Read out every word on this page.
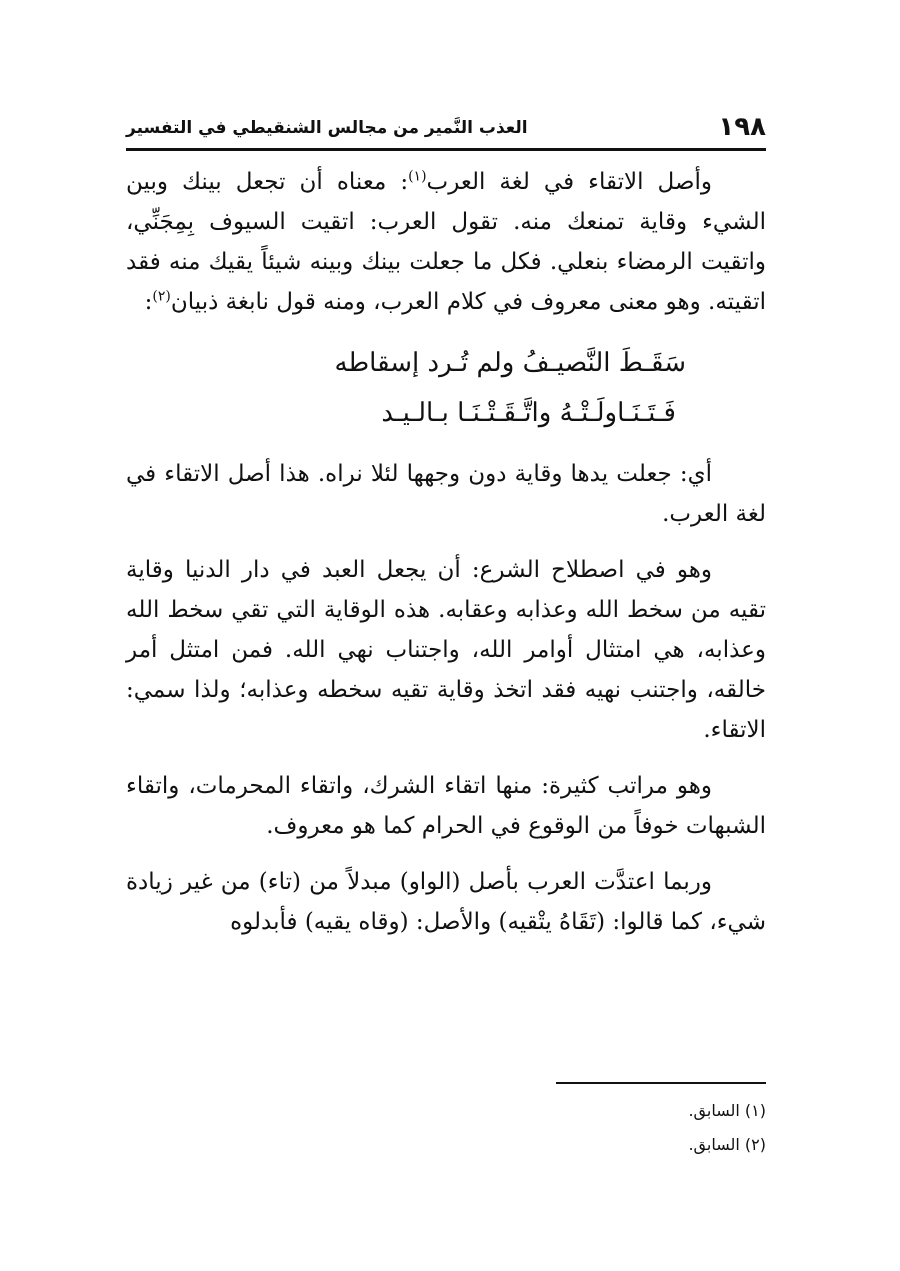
١٩٨
العذب النَّمير من مجالس الشنقيطي في التفسير

وأصل الاتقاء في لغة العرب$^{(١)}$: معناه أن تجعل بينك وبين الشيء وقاية تمنعك منه. تقول العرب: اتقيت السيوف بِمِجَنِّي، واتقيت الرمضاء بنعلي. فكل ما جعلت بينك وبينه شيئاً يقيك منه فقد اتقيته. وهو معنى معروف في كلام العرب، ومنه قول نابغة ذبيان$^{(٢)}$:

سَقَـطَ النَّصيـفُ ولم تُـرد إسقاطه
فَـتَـنَـاولَـتْـهُ واتَّـقَـتْـنَـا بـالـيـد

أي: جعلت يدها وقاية دون وجهها لئلا نراه. هذا أصل الاتقاء في لغة العرب.

وهو في اصطلاح الشرع: أن يجعل العبد في دار الدنيا وقاية تقيه من سخط الله وعذابه وعقابه. هذه الوقاية التي تقي سخط الله وعذابه، هي امتثال أوامر الله، واجتناب نهي الله. فمن امتثل أمر خالقه، واجتنب نهيه فقد اتخذ وقاية تقيه سخطه وعذابه؛ ولذا سمي: الاتقاء.

وهو مراتب كثيرة: منها اتقاء الشرك، واتقاء المحرمات، واتقاء الشبهات خوفاً من الوقوع في الحرام كما هو معروف.

وربما اعتدَّت العرب بأصل (الواو) مبدلاً من (تاء) من غير زيادة شيء، كما قالوا: (تَقَاهُ يتْقيه) والأصل: (وقاه يقيه) فأبدلوه

(١) السابق.
(٢) السابق.
